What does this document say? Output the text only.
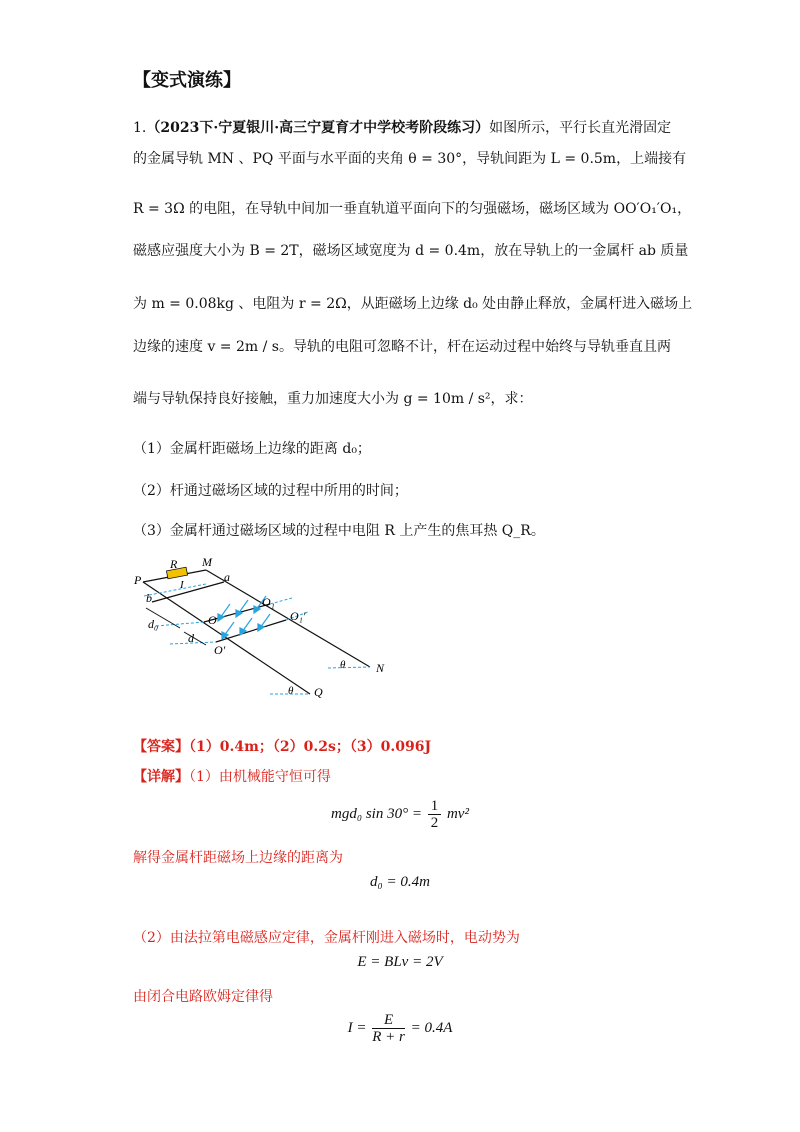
【变式演练】
1.（2023下·宁夏银川·高三宁夏育才中学校考阶段练习）如图所示，平行长直光滑固定
的金属导轨 MN 、PQ 平面与水平面的夹角 θ = 30°，导轨间距为 L = 0.5m，上端接有
R = 3Ω 的电阻，在导轨中间加一垂直轨道平面向下的匀强磁场，磁场区域为 OO′O₁′O₁，
磁感应强度大小为 B = 2T，磁场区域宽度为 d = 0.4m，放在导轨上的一金属杆 ab 质量
为 m = 0.08kg 、电阻为 r = 2Ω，从距磁场上边缘 d₀ 处由静止释放，金属杆进入磁场上
边缘的速度 v = 2m / s。导轨的电阻可忽略不计，杆在运动过程中始终与导轨垂直且两
端与导轨保持良好接触，重力加速度大小为 g = 10m / s²，求：
（1）金属杆距磁场上边缘的距离 d₀；
（2）杆通过磁场区域的过程中所用的时间；
（3）金属杆通过磁场区域的过程中电阻 R 上产生的焦耳热 Q_R。
P
R M
I
a
b
d₀	O
O₁
O₁′
d
O′
θ	N
θ Q
【答案】（1）0.4m；（2）0.2s；（3）0.096J
【详解】（1）由机械能守恒可得
mgd₀ $\sin 30^\circ = \frac{1}{2} mv^2$
解得金属杆距磁场上边缘的距离为
d₀ = 0.4m
（2）由法拉第电磁感应定律，金属杆刚进入磁场时，电动势为
E = BLv = 2V
由闭合电路欧姆定律得
$I = \frac{E}{R + r} = 0.4A$
